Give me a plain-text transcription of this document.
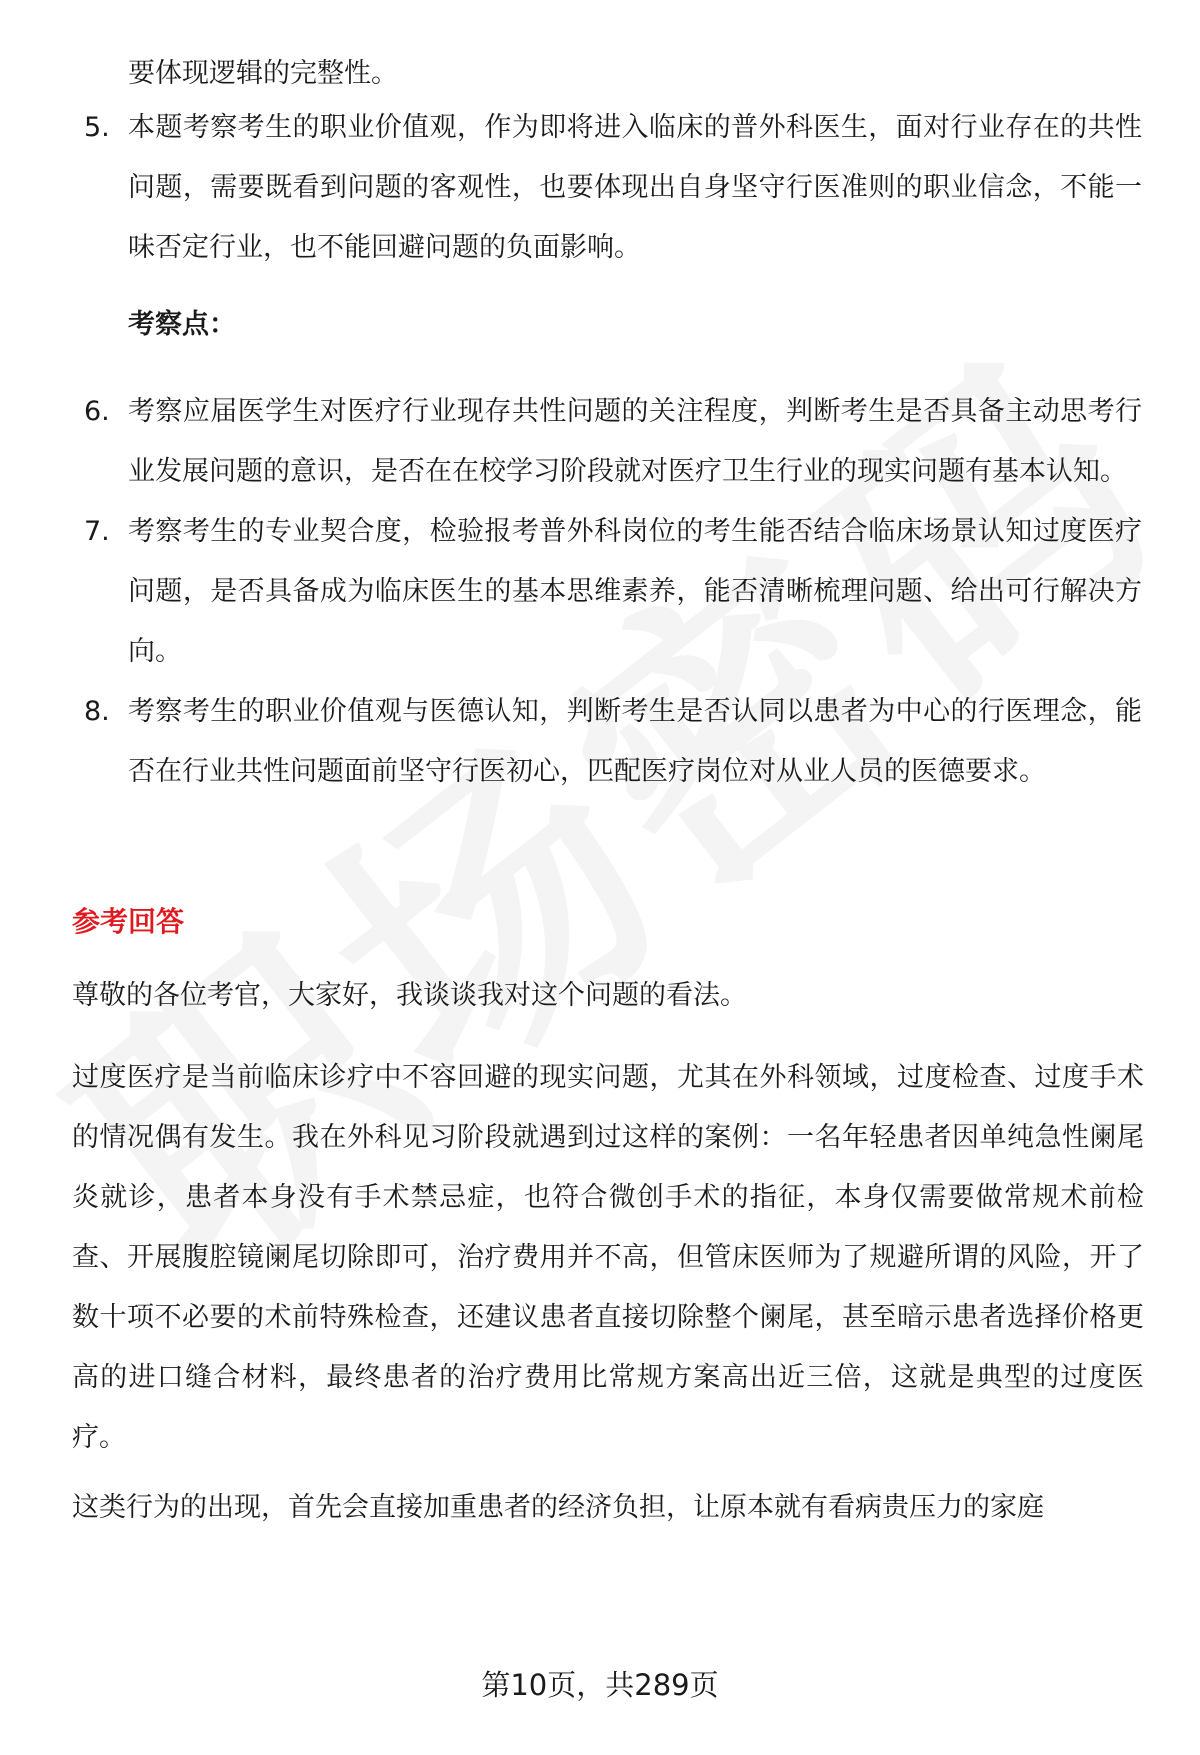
要体现逻辑的完整性。
5. 本题考察考生的职业价值观，作为即将进入临床的普外科医生，面对行业存在的共性问题，需要既看到问题的客观性，也要体现出自身坚守行医准则的职业信念，不能一味否定行业，也不能回避问题的负面影响。
考察点：
6. 考察应届医学生对医疗行业现存共性问题的关注程度，判断考生是否具备主动思考行业发展问题的意识，是否在在校学习阶段就对医疗卫生行业的现实问题有基本认知。
7. 考察考生的专业契合度，检验报考普外科岗位的考生能否结合临床场景认知过度医疗问题，是否具备成为临床医生的基本思维素养，能否清晰梳理问题、给出可行解决方向。
8. 考察考生的职业价值观与医德认知，判断考生是否认同以患者为中心的行医理念，能否在行业共性问题面前坚守行医初心，匹配医疗岗位对从业人员的医德要求。
参考回答

尊敬的各位考官，大家好，我谈谈我对这个问题的看法。

过度医疗是当前临床诊疗中不容回避的现实问题，尤其在外科领域，过度检查、过度手术的情况偶有发生。我在外科见习阶段就遇到过这样的案例：一名年轻患者因单纯急性阑尾炎就诊，患者本身没有手术禁忌症，也符合微创手术的指征，本身仅需要做常规术前检查、开展腹腔镜阑尾切除即可，治疗费用并不高，但管床医师为了规避所谓的风险，开了数十项不必要的术前特殊检查，还建议患者直接切除整个阑尾，甚至暗示患者选择价格更高的进口缝合材料，最终患者的治疗费用比常规方案高出近三倍，这就是典型的过度医疗。

这类行为的出现，首先会直接加重患者的经济负担，让原本就有看病贵压力的家庭

第10页，共289页
